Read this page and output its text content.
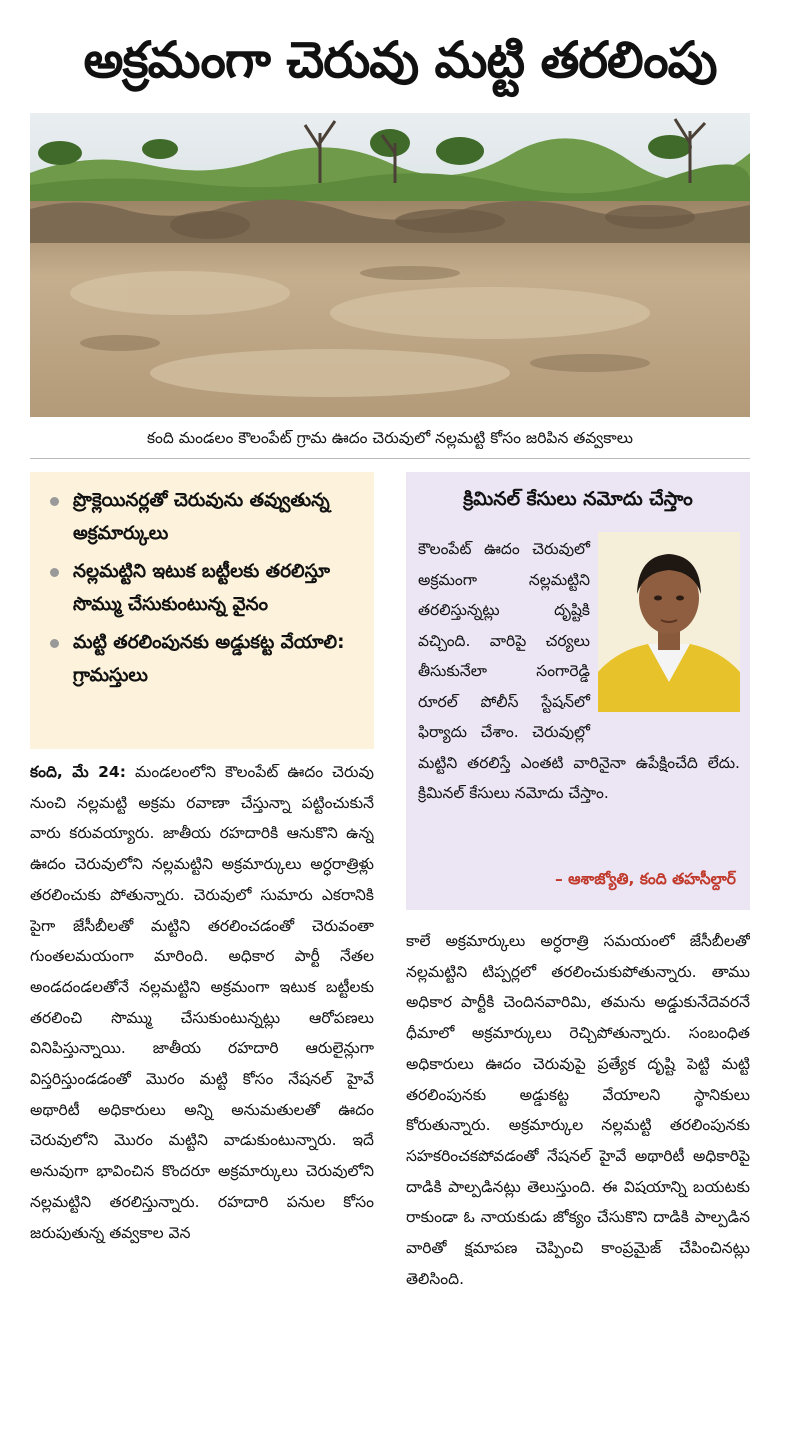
అక్రమంగా చెరువు మట్టి తరలింపు
కంది మండలం కౌలంపేట్ గ్రామ ఊదం చెరువులో నల్లమట్టి కోసం జరిపిన తవ్వకాలు
ప్రొక్లెయినర్లతో చెరువును తవ్వుతున్న అక్రమార్కులు
నల్లమట్టిని ఇటుక బట్టీలకు తరలిస్తూ సొమ్ము చేసుకుంటున్న వైనం
మట్టి తరలింపునకు అడ్డుకట్ట వేయాలి: గ్రామస్తులు
క్రిమినల్ కేసులు నమోదు చేస్తాం
కౌలంపేట్ ఊదం చెరువులో అక్రమంగా నల్లమట్టిని తరలిస్తున్నట్లు దృష్టికి వచ్చింది. వారిపై చర్యలు తీసుకునేలా సంగారెడ్డి రూరల్ పోలీస్ స్టేషన్‌లో ఫిర్యాదు చేశాం. చెరువుల్లో మట్టిని తరలిస్తే ఎంతటి వారినైనా ఉపేక్షించేది లేదు. క్రిమినల్ కేసులు నమోదు చేస్తాం.
– ఆశాజ్యోతి, కంది తహసీల్దార్
కంది, మే 24: మండలంలోని కౌలంపేట్ ఊదం చెరువు నుంచి నల్లమట్టి అక్రమ రవాణా చేస్తున్నా పట్టించుకునే వారు కరువయ్యారు. జాతీయ రహదారికి ఆనుకొని ఉన్న ఊదం చెరువులోని నల్లమట్టిని అక్రమార్కులు అర్ధరాత్రిళ్లు తరలించుకు పోతున్నారు. చెరువులో సుమారు ఎకరానికి పైగా జేసీబీలతో మట్టిని తరలించడంతో చెరువంతా గుంతలమయంగా మారింది. అధికార పార్టీ నేతల అండదండలతోనే నల్లమట్టిని అక్రమంగా ఇటుక బట్టీలకు తరలించి సొమ్ము చేసుకుంటున్నట్లు ఆరోపణలు వినిపిస్తున్నాయి. జాతీయ రహదారి ఆరులైన్లుగా విస్తరిస్తుండడంతో మొరం మట్టి కోసం నేషనల్ హైవే అథారిటీ అధికారులు అన్ని అనుమతులతో ఊదం చెరువులోని మొరం మట్టిని వాడుకుంటున్నారు. ఇదే అనువుగా భావించిన కొందరూ అక్రమార్కులు చెరువులోని నల్లమట్టిని తరలిస్తున్నారు. రహదారి పనుల కోసం జరుపుతున్న తవ్వకాల వెన
కాలే అక్రమార్కులు అర్ధరాత్రి సమయంలో జేసీబీలతో నల్లమట్టిని టిప్పర్లలో తరలించుకుపోతున్నారు. తాము అధికార పార్టీకి చెందినవారిమి, తమను అడ్డుకునేదెవరనే ధీమాలో అక్రమార్కులు రెచ్చిపోతున్నారు. సంబంధిత అధికారులు ఊదం చెరువుపై ప్రత్యేక దృష్టి పెట్టి మట్టి తరలింపునకు అడ్డుకట్ట వేయాలని స్థానికులు కోరుతున్నారు. అక్రమార్కుల నల్లమట్టి తరలింపునకు సహకరించకపోవడంతో నేషనల్ హైవే అథారిటీ అధికారిపై దాడికి పాల్పడినట్లు తెలుస్తుంది. ఈ విషయాన్ని బయటకు రాకుండా ఓ నాయకుడు జోక్యం చేసుకొని దాడికి పాల్పడిన వారితో క్షమాపణ చెప్పించి కాంప్రమైజ్ చేపించినట్లు తెలిసింది.
